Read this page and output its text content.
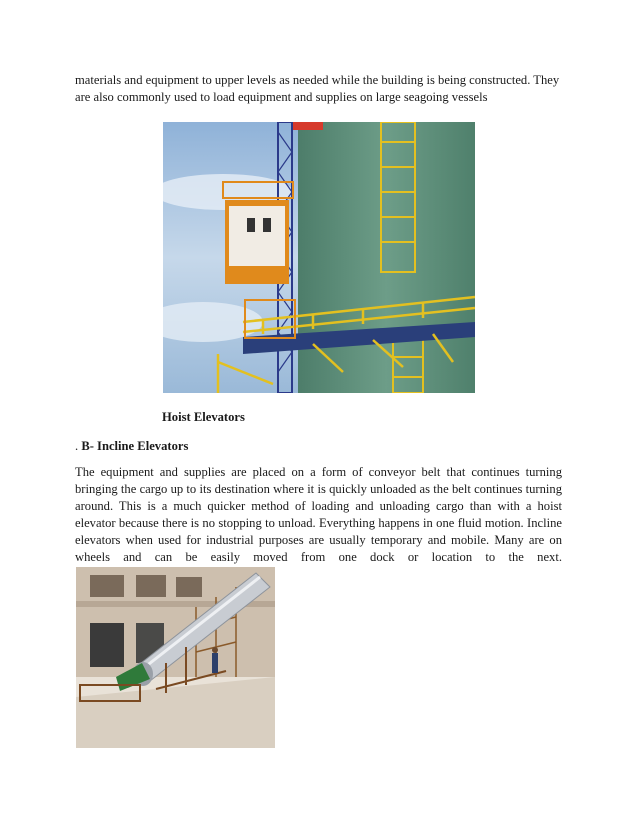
materials and equipment to upper levels as needed while the building is being constructed. They are also commonly used to load equipment and supplies on large seagoing vessels

Hoist Elevators

. B- Incline Elevators

The equipment and supplies are placed on a form of conveyor belt that continues turning bringing the cargo up to its destination where it is quickly unloaded as the belt continues turning around. This is a much quicker method of loading and unloading cargo than with a hoist elevator because there is no stopping to unload. Everything happens in one fluid motion. Incline elevators when used for industrial purposes are usually temporary and mobile. Many are on wheels and can be easily moved from one dock or location to the next.
